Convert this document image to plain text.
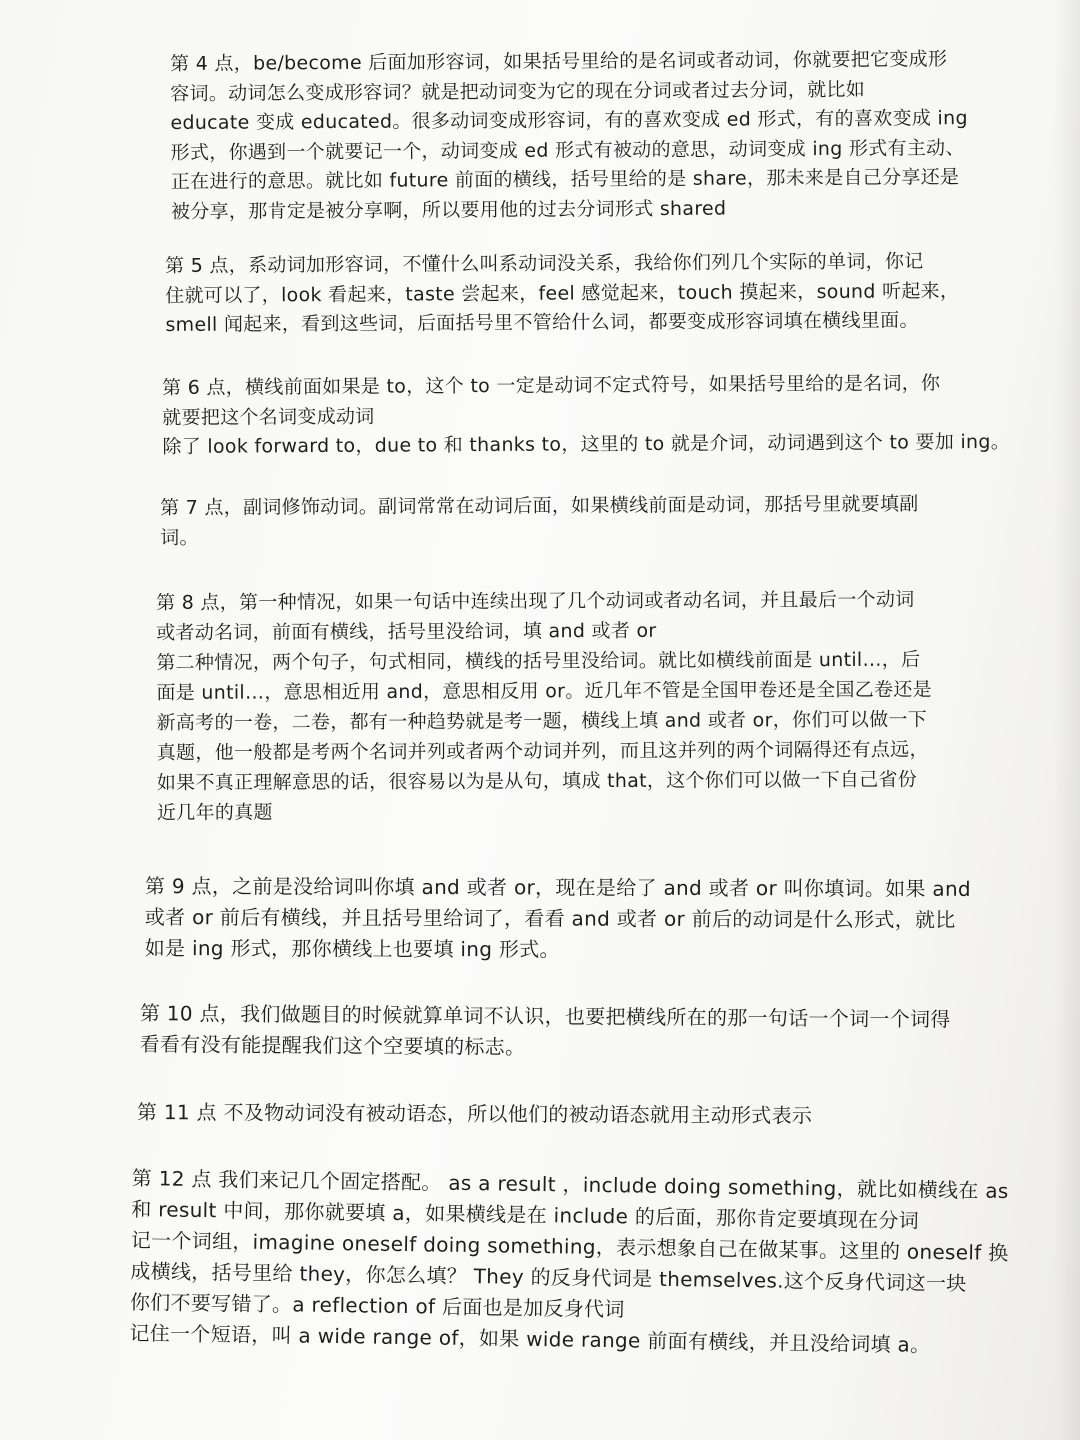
第 4 点，be/become 后面加形容词，如果括号里给的是名词或者动词，你就要把它变成形
容词。动词怎么变成形容词？就是把动词变为它的现在分词或者过去分词，就比如
educate 变成 educated。很多动词变成形容词，有的喜欢变成 ed 形式，有的喜欢变成 ing
形式，你遇到一个就要记一个，动词变成 ed 形式有被动的意思，动词变成 ing 形式有主动、
正在进行的意思。就比如 future 前面的横线，括号里给的是 share，那未来是自己分享还是
被分享，那肯定是被分享啊，所以要用他的过去分词形式 shared
第 5 点，系动词加形容词，不懂什么叫系动词没关系，我给你们列几个实际的单词，你记
住就可以了，look 看起来，taste 尝起来，feel 感觉起来，touch 摸起来，sound 听起来，
smell 闻起来，看到这些词，后面括号里不管给什么词，都要变成形容词填在横线里面。
第 6 点，横线前面如果是 to，这个 to 一定是动词不定式符号，如果括号里给的是名词，你
就要把这个名词变成动词
除了 look forward to，due to 和 thanks to，这里的 to 就是介词，动词遇到这个 to 要加 ing。
第 7 点，副词修饰动词。副词常常在动词后面，如果横线前面是动词，那括号里就要填副
词。
第 8 点，第一种情况，如果一句话中连续出现了几个动词或者动名词，并且最后一个动词
或者动名词，前面有横线，括号里没给词，填 and 或者 or
第二种情况，两个句子，句式相同，横线的括号里没给词。就比如横线前面是 until…，后
面是 until…，意思相近用 and，意思相反用 or。近几年不管是全国甲卷还是全国乙卷还是
新高考的一卷，二卷，都有一种趋势就是考一题，横线上填 and 或者 or，你们可以做一下
真题，他一般都是考两个名词并列或者两个动词并列，而且这并列的两个词隔得还有点远，
如果不真正理解意思的话，很容易以为是从句，填成 that，这个你们可以做一下自己省份
近几年的真题
第 9 点，之前是没给词叫你填 and 或者 or，现在是给了 and 或者 or 叫你填词。如果 and
或者 or 前后有横线，并且括号里给词了，看看 and 或者 or 前后的动词是什么形式，就比
如是 ing 形式，那你横线上也要填 ing 形式。
第 10 点，我们做题目的时候就算单词不认识，也要把横线所在的那一句话一个词一个词得
看看有没有能提醒我们这个空要填的标志。
第 11 点 不及物动词没有被动语态，所以他们的被动语态就用主动形式表示
第 12 点 我们来记几个固定搭配。 as a result ，include doing something，就比如横线在 as
和 result 中间，那你就要填 a，如果横线是在 include 的后面，那你肯定要填现在分词
记一个词组，imagine oneself doing something，表示想象自己在做某事。这里的 oneself 换
成横线，括号里给 they，你怎么填？ They 的反身代词是 themselves.这个反身代词这一块
你们不要写错了。a reflection of 后面也是加反身代词
记住一个短语，叫 a wide range of，如果 wide range 前面有横线，并且没给词填 a。
